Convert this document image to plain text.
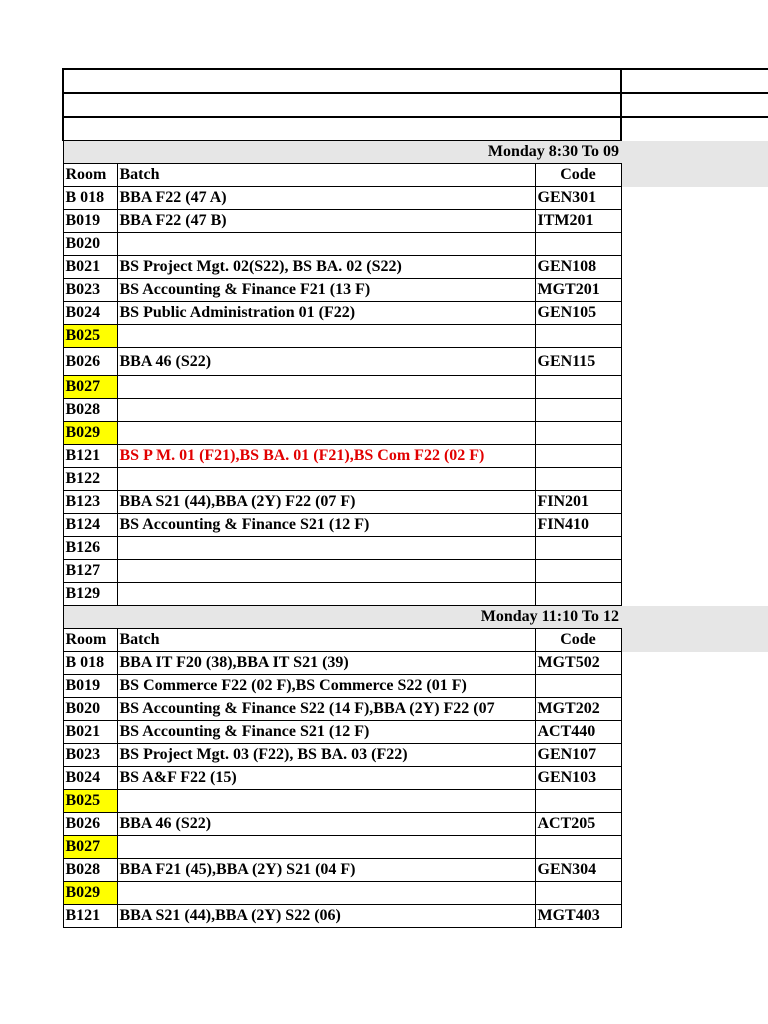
Monday 8:30 To 09			
Room	Batch	Code	
B 018	BBA F22 (47 A)	GEN301	
B019	BBA F22 (47 B)	ITM201	
B020			
B021	BS Project Mgt. 02(S22), BS BA. 02 (S22)	GEN108	
B023	BS Accounting & Finance F21 (13 F)	MGT201	
B024	BS Public Administration 01 (F22)	GEN105	
B025			
B026	BBA 46 (S22)	GEN115	
B027			
B028			
B029			
B121	BS P M. 01 (F21),BS BA. 01 (F21),BS Com F22 (02 F)		
B122			
B123	BBA S21 (44),BBA (2Y) F22 (07 F)	FIN201	
B124	BS Accounting & Finance S21 (12 F)	FIN410	
B126			
B127			
B129			
Monday 11:10 To 12			
Room	Batch	Code	
B 018	BBA IT F20 (38),BBA IT S21 (39)	MGT502	
B019	BS Commerce F22 (02 F),BS Commerce S22 (01 F)		
B020	BS Accounting & Finance S22 (14 F),BBA (2Y) F22 (07	MGT202	
B021	BS Accounting & Finance S21 (12 F)	ACT440	
B023	BS Project Mgt. 03 (F22), BS BA. 03 (F22)	GEN107	
B024	BS A&F F22 (15)	GEN103	
B025			
B026	BBA 46 (S22)	ACT205	
B027			
B028	BBA F21 (45),BBA (2Y) S21 (04 F)	GEN304	
B029			
B121	BBA S21 (44),BBA (2Y) S22 (06)	MGT403	
